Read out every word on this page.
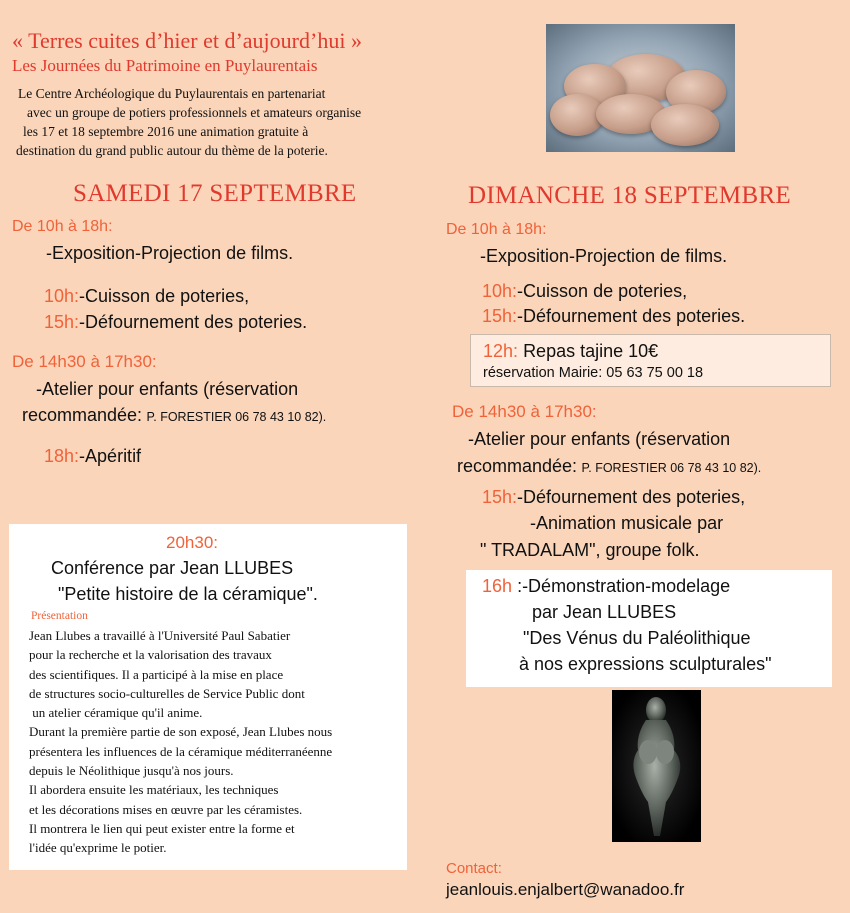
« Terres cuites d’hier et d’aujourd’hui »
Les Journées du Patrimoine en Puylaurentais
Le Centre Archéologique du Puylaurentais en partenariat
avec un groupe de potiers professionnels et amateurs organise
les 17 et 18 septembre 2016 une animation gratuite à
destination du grand public autour du thème de la poterie.
SAMEDI 17 SEPTEMBRE
De 10h à 18h:
-Exposition-Projection de films.
10h:-Cuisson de poteries,
15h:-Défournement des poteries.
De 14h30 à 17h30:
-Atelier pour enfants (réservation
recommandée: P. FORESTIER 06 78 43 10 82).
18h:-Apéritif
20h30:
Conférence par Jean LLUBES
"Petite histoire de la céramique".
Présentation
Jean Llubes a travaillé à l'Université Paul Sabatier
pour la recherche et la valorisation des travaux
des scientifiques. Il a participé à la mise en place
de structures socio-culturelles de Service Public dont
un atelier céramique qu'il anime.
Durant la première partie de son exposé, Jean Llubes nous
présentera les influences de la céramique méditerranéenne
depuis le Néolithique jusqu'à nos jours.
Il abordera ensuite les matériaux, les techniques
et les décorations mises en œuvre par les céramistes.
Il montrera le lien qui peut exister entre la forme et
l'idée qu'exprime le potier.
DIMANCHE 18 SEPTEMBRE
De 10h à 18h:
-Exposition-Projection de films.
10h:-Cuisson de poteries,
15h:-Défournement des poteries.
12h: Repas tajine 10€
réservation Mairie: 05 63 75 00 18
De 14h30 à 17h30:
-Atelier pour enfants (réservation
recommandée: P. FORESTIER 06 78 43 10 82).
15h:-Défournement des poteries,
-Animation musicale par
" TRADALAM", groupe folk.
16h :-Démonstration-modelage
par Jean LLUBES
"Des Vénus du Paléolithique
à nos expressions sculpturales"
Contact:
jeanlouis.enjalbert@wanadoo.fr
